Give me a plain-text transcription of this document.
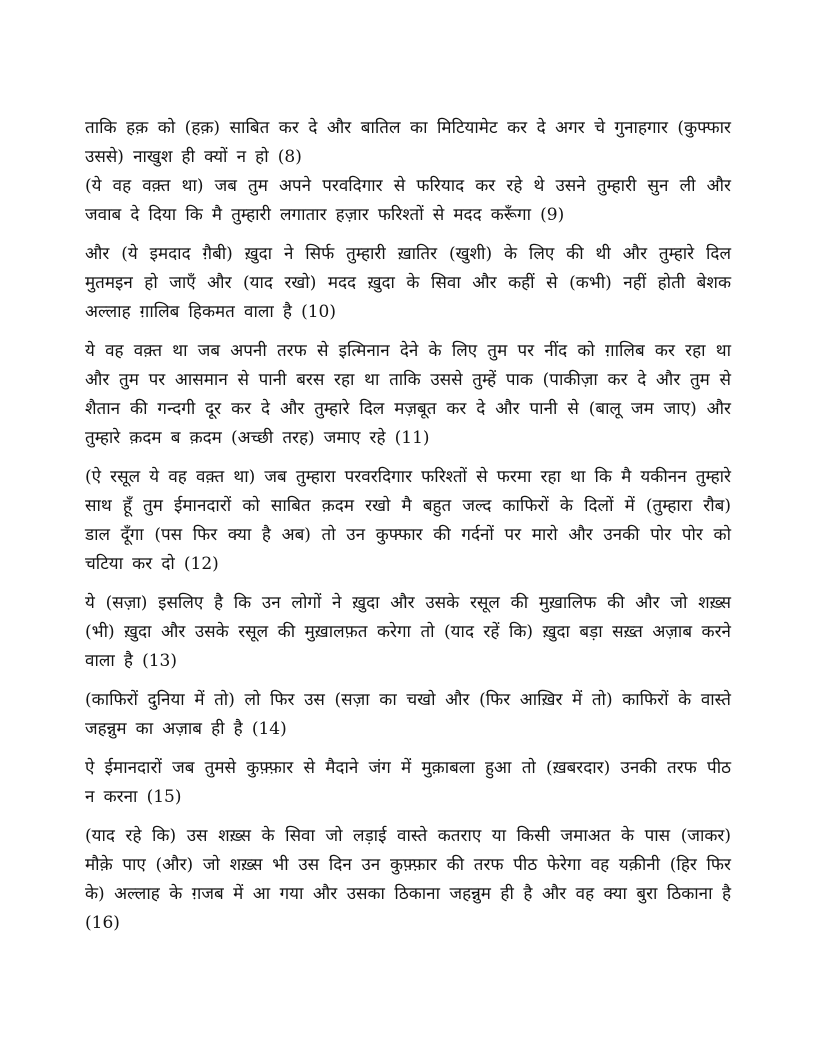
ताकि हक़ को (हक़) साबित कर दे और बातिल का मिटियामेट कर दे अगर चे गुनाहगार (कुफ्फार उससे) नाखुश ही क्यों न हो (8)

(ये वह वक़्त था) जब तुम अपने परवदिगार से फरियाद कर रहे थे उसने तुम्हारी सुन ली और जवाब दे दिया कि मै तुम्हारी लगातार हज़ार फरिश्तों से मदद करूँगा (9)

और (ये इमदाद ग़ैबी) ख़ुदा ने सिर्फ तुम्हारी ख़ातिर (खुशी) के लिए की थी और तुम्हारे दिल मुतमइन हो जाएँ और (याद रखो) मदद ख़ुदा के सिवा और कहीं से (कभी) नहीं होती बेशक अल्लाह ग़ालिब हिकमत वाला है (10)

ये वह वक़्त था जब अपनी तरफ से इत्मिनान देने के लिए तुम पर नींद को ग़ालिब कर रहा था और तुम पर आसमान से पानी बरस रहा था ताकि उससे तुम्हें पाक (पाकीज़ा कर दे और तुम से शैतान की गन्दगी दूर कर दे और तुम्हारे दिल मज़बूत कर दे और पानी से (बालू जम जाए) और तुम्हारे क़दम ब क़दम (अच्छी तरह) जमाए रहे (11)

(ऐ रसूल ये वह वक़्त था) जब तुम्हारा परवरदिगार फरिश्तों से फरमा रहा था कि मै यकीनन तुम्हारे साथ हूँ तुम ईमानदारों को साबित क़दम रखो मै बहुत जल्द काफिरों के दिलों में (तुम्हारा रौब) डाल दूँगा (पस फिर क्या है अब) तो उन कुफ्फार की गर्दनों पर मारो और उनकी पोर पोर को चटिया कर दो (12)

ये (सज़ा) इसलिए है कि उन लोगों ने ख़ुदा और उसके रसूल की मुख़ालिफ की और जो शख़्स (भी) ख़ुदा और उसके रसूल की मुख़ालफ़त करेगा तो (याद रहें कि) ख़ुदा बड़ा सख़्त अज़ाब करने वाला है (13)

(काफिरों दुनिया में तो) लो फिर उस (सज़ा का चखो और (फिर आख़िर में तो) काफिरों के वास्ते जहन्नुम का अज़ाब ही है (14)

ऐ ईमानदारों जब तुमसे कुफ़्फ़ार से मैदाने जंग में मुक़ाबला हुआ तो (ख़बरदार) उनकी तरफ पीठ न करना (15)

(याद रहे कि) उस शख़्स के सिवा जो लड़ाई वास्ते कतराए या किसी जमाअत के पास (जाकर) मौक़े पाए (और) जो शख़्स भी उस दिन उन कुफ़्फ़ार की तरफ पीठ फेरेगा वह यक़ीनी (हिर फिर के) अल्लाह के ग़जब में आ गया और उसका ठिकाना जहन्नुम ही है और वह क्या बुरा ठिकाना है (16)
